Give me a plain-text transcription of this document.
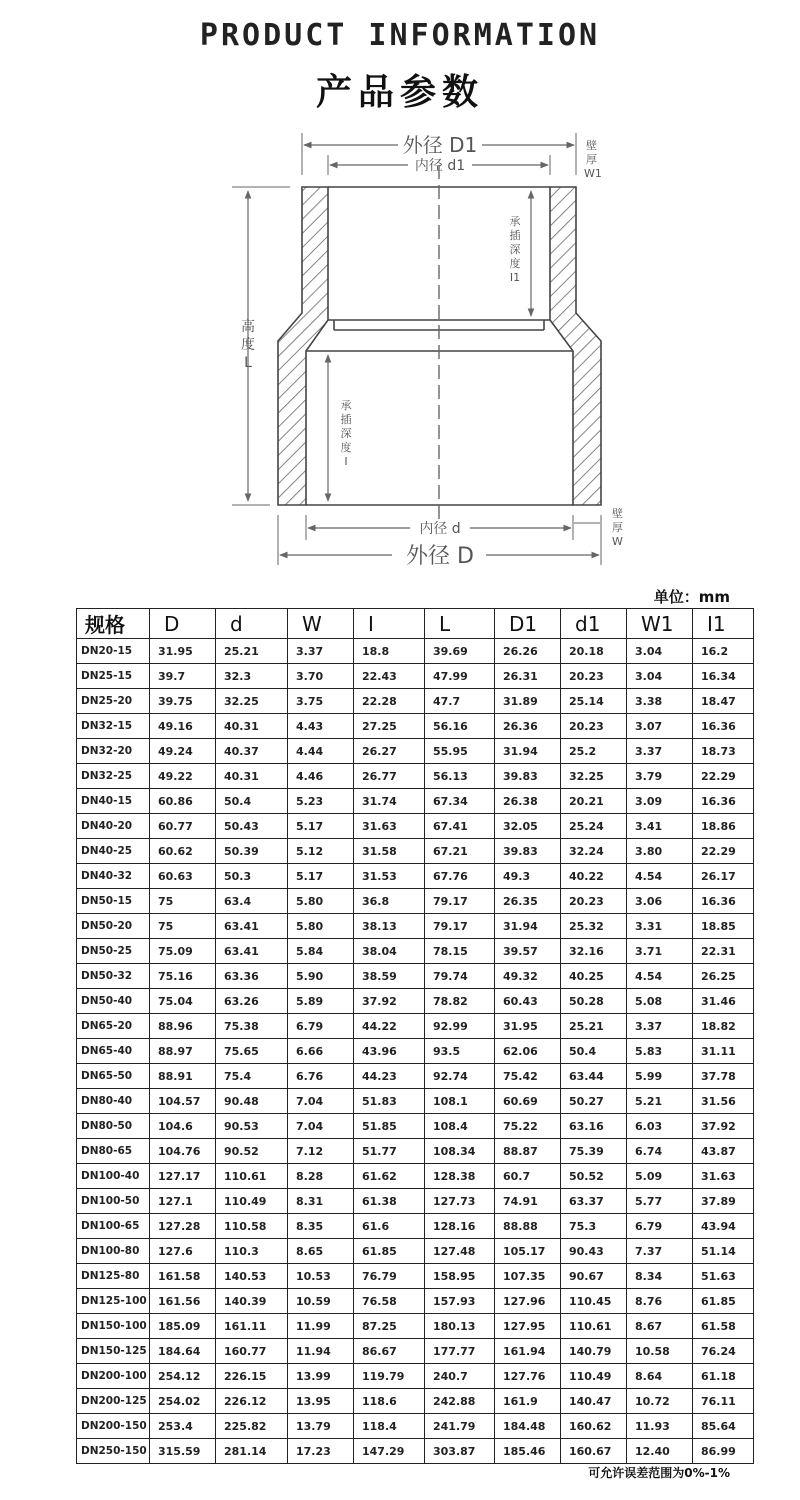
PRODUCT INFORMATION
产品参数
外径 D1
内径 d1
壁
厚
W1
承
插
深
度
I1
高
度
L
承
插
深
度
I
内径 d
外径 D
壁
厚
W
单位：mm
规格	D	d	W	I	L	D1	d1	W1	I1
DN20-15	31.95	25.21	3.37	18.8	39.69	26.26	20.18	3.04	16.2
DN25-15	39.7	32.3	3.70	22.43	47.99	26.31	20.23	3.04	16.34
DN25-20	39.75	32.25	3.75	22.28	47.7	31.89	25.14	3.38	18.47
DN32-15	49.16	40.31	4.43	27.25	56.16	26.36	20.23	3.07	16.36
DN32-20	49.24	40.37	4.44	26.27	55.95	31.94	25.2	3.37	18.73
DN32-25	49.22	40.31	4.46	26.77	56.13	39.83	32.25	3.79	22.29
DN40-15	60.86	50.4	5.23	31.74	67.34	26.38	20.21	3.09	16.36
DN40-20	60.77	50.43	5.17	31.63	67.41	32.05	25.24	3.41	18.86
DN40-25	60.62	50.39	5.12	31.58	67.21	39.83	32.24	3.80	22.29
DN40-32	60.63	50.3	5.17	31.53	67.76	49.3	40.22	4.54	26.17
DN50-15	75	63.4	5.80	36.8	79.17	26.35	20.23	3.06	16.36
DN50-20	75	63.41	5.80	38.13	79.17	31.94	25.32	3.31	18.85
DN50-25	75.09	63.41	5.84	38.04	78.15	39.57	32.16	3.71	22.31
DN50-32	75.16	63.36	5.90	38.59	79.74	49.32	40.25	4.54	26.25
DN50-40	75.04	63.26	5.89	37.92	78.82	60.43	50.28	5.08	31.46
DN65-20	88.96	75.38	6.79	44.22	92.99	31.95	25.21	3.37	18.82
DN65-40	88.97	75.65	6.66	43.96	93.5	62.06	50.4	5.83	31.11
DN65-50	88.91	75.4	6.76	44.23	92.74	75.42	63.44	5.99	37.78
DN80-40	104.57	90.48	7.04	51.83	108.1	60.69	50.27	5.21	31.56
DN80-50	104.6	90.53	7.04	51.85	108.4	75.22	63.16	6.03	37.92
DN80-65	104.76	90.52	7.12	51.77	108.34	88.87	75.39	6.74	43.87
DN100-40	127.17	110.61	8.28	61.62	128.38	60.7	50.52	5.09	31.63
DN100-50	127.1	110.49	8.31	61.38	127.73	74.91	63.37	5.77	37.89
DN100-65	127.28	110.58	8.35	61.6	128.16	88.88	75.3	6.79	43.94
DN100-80	127.6	110.3	8.65	61.85	127.48	105.17	90.43	7.37	51.14
DN125-80	161.58	140.53	10.53	76.79	158.95	107.35	90.67	8.34	51.63
DN125-100	161.56	140.39	10.59	76.58	157.93	127.96	110.45	8.76	61.85
DN150-100	185.09	161.11	11.99	87.25	180.13	127.95	110.61	8.67	61.58
DN150-125	184.64	160.77	11.94	86.67	177.77	161.94	140.79	10.58	76.24
DN200-100	254.12	226.15	13.99	119.79	240.7	127.76	110.49	8.64	61.18
DN200-125	254.02	226.12	13.95	118.6	242.88	161.9	140.47	10.72	76.11
DN200-150	253.4	225.82	13.79	118.4	241.79	184.48	160.62	11.93	85.64
DN250-150	315.59	281.14	17.23	147.29	303.87	185.46	160.67	12.40	86.99
可允许误差范围为0%-1%
